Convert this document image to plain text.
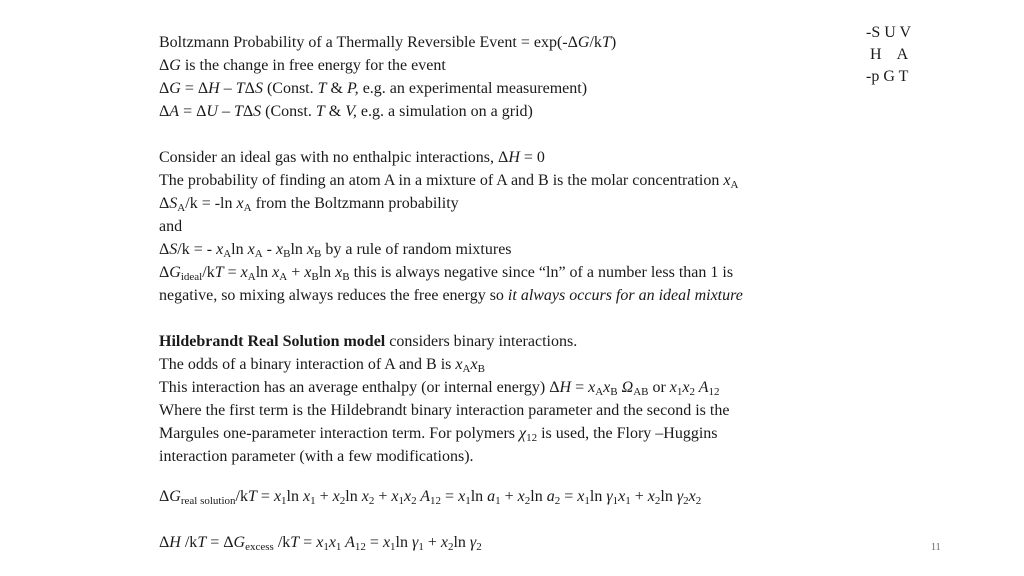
-S U V
H    A
-p G T
Boltzmann Probability of a Thermally Reversible Event = exp(-ΔG/kT)
ΔG is the change in free energy for the event
ΔG = ΔH – TΔS (Const. T & P, e.g. an experimental measurement)
ΔA = ΔU – TΔS (Const. T & V, e.g. a simulation on a grid)
Consider an ideal gas with no enthalpic interactions, ΔH = 0
The probability of finding an atom A in a mixture of A and B is the molar concentration $x_A$
$\Delta S_A/k = -\ln$ $x_A$ from the Boltzmann probability
and
ΔS/k = - $x_A\ln$ $x_A - x_B\ln$ $x_B$ by a rule of random mixtures
$\Delta G_{ideal}/kT = x_A\ln$ $x_A + x_B\ln$ $x_B$ this is always negative since “ln” of a number less than 1 is
negative, so mixing always reduces the free energy so it always occurs for an ideal mixture
Hildebrandt Real Solution model considers binary interactions.
The odds of a binary interaction of A and B is $x_Ax_B$
This interaction has an average enthalpy (or internal energy) $\Delta H = x_Ax_B$ $\Omega_{AB}$ or $x_1x_2$ $A_{12}$
Where the first term is the Hildebrandt binary interaction parameter and the second is the
Margules one-parameter interaction term. For polymers $\chi_{12}$ is used, the Flory –Huggins
interaction parameter (with a few modifications).
$\Delta G_{real solution}/kT = x_1\ln$ $x_1 + x_2\ln$ $x_2 + x_1x_2$ $A_{12} = x_1\ln$ $a_1 + x_2\ln$ $a_2 = x_1\ln$ $\gamma_1x_1 + x_2\ln$ $\gamma_2x_2$
ΔH $/kT = \Delta G_{excess}$ $/kT = x_1x_1$ $A_{12} = x_1\ln$ $\gamma_1 + x_2\ln$ $\gamma_2$	11
